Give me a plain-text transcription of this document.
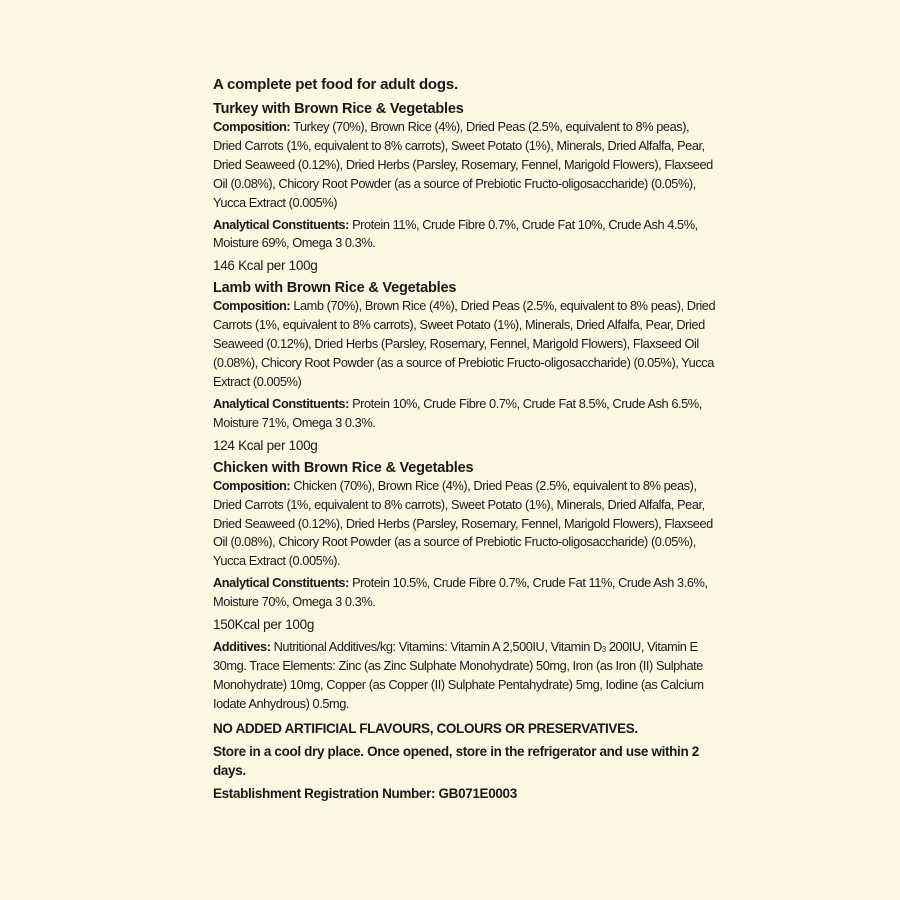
A complete pet food for adult dogs.

Turkey with Brown Rice & Vegetables

Composition: Turkey (70%), Brown Rice (4%), Dried Peas (2.5%, equivalent to 8% peas), Dried Carrots (1%, equivalent to 8% carrots), Sweet Potato (1%), Minerals, Dried Alfalfa, Pear, Dried Seaweed (0.12%), Dried Herbs (Parsley, Rosemary, Fennel, Marigold Flowers), Flaxseed Oil (0.08%), Chicory Root Powder (as a source of Prebiotic Fructo-oligosaccharide) (0.05%), Yucca Extract (0.005%)

Analytical Constituents: Protein 11%, Crude Fibre 0.7%, Crude Fat 10%, Crude Ash 4.5%, Moisture 69%, Omega 3 0.3%.

146 Kcal per 100g

Lamb with Brown Rice & Vegetables

Composition: Lamb (70%), Brown Rice (4%), Dried Peas (2.5%, equivalent to 8% peas), Dried Carrots (1%, equivalent to 8% carrots), Sweet Potato (1%), Minerals, Dried Alfalfa, Pear, Dried Seaweed (0.12%), Dried Herbs (Parsley, Rosemary, Fennel, Marigold Flowers), Flaxseed Oil (0.08%), Chicory Root Powder (as a source of Prebiotic Fructo-oligosaccharide) (0.05%), Yucca Extract (0.005%)

Analytical Constituents: Protein 10%, Crude Fibre 0.7%, Crude Fat 8.5%, Crude Ash 6.5%, Moisture 71%, Omega 3 0.3%.

124 Kcal per 100g

Chicken with Brown Rice & Vegetables

Composition: Chicken (70%), Brown Rice (4%), Dried Peas (2.5%, equivalent to 8% peas), Dried Carrots (1%, equivalent to 8% carrots), Sweet Potato (1%), Minerals, Dried Alfalfa, Pear, Dried Seaweed (0.12%), Dried Herbs (Parsley, Rosemary, Fennel, Marigold Flowers), Flaxseed Oil (0.08%), Chicory Root Powder (as a source of Prebiotic Fructo-oligosaccharide) (0.05%), Yucca Extract (0.005%).

Analytical Constituents: Protein 10.5%, Crude Fibre 0.7%, Crude Fat 11%, Crude Ash 3.6%, Moisture 70%, Omega 3 0.3%.

150Kcal per 100g

Additives: Nutritional Additives/kg: Vitamins: Vitamin A 2,500IU, Vitamin $D_3$ 200IU, Vitamin E 30mg. Trace Elements: Zinc (as Zinc Sulphate Monohydrate) 50mg, Iron (as Iron (II) Sulphate Monohydrate) 10mg, Copper (as Copper (II) Sulphate Pentahydrate) 5mg, Iodine (as Calcium Iodate Anhydrous) 0.5mg.

NO ADDED ARTIFICIAL FLAVOURS, COLOURS OR PRESERVATIVES.

Store in a cool dry place. Once opened, store in the refrigerator and use within 2 days.

Establishment Registration Number: GB071E0003
